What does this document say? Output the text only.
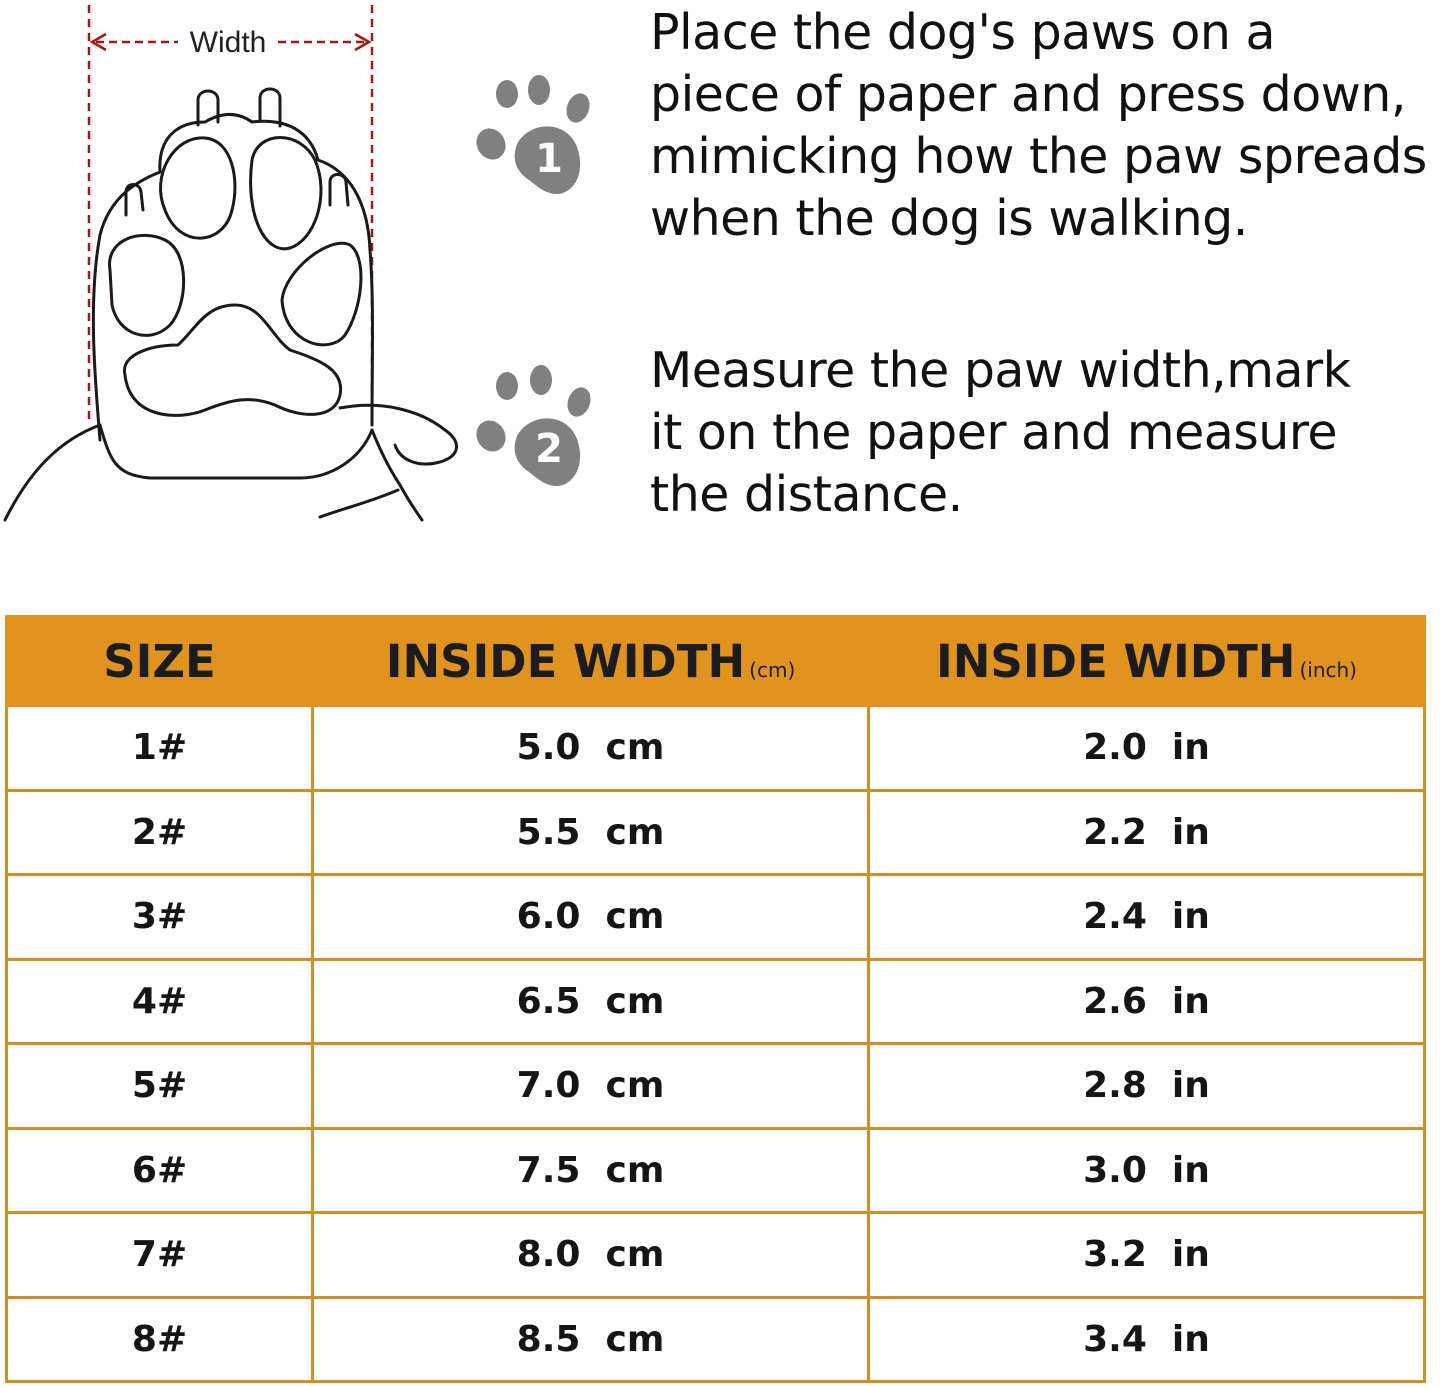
Width
1
Place the dog's paws on a
piece of paper and press down,
mimicking how the paw spreads
when the dog is walking.
2
Measure the paw width,mark
it on the paper and measure
the distance.
SIZE	INSIDE WIDTH (cm)	INSIDE WIDTH (inch)
1#	5.0  cm	2.0  in
2#	5.5  cm	2.2  in
3#	6.0  cm	2.4  in
4#	6.5  cm	2.6  in
5#	7.0  cm	2.8  in
6#	7.5  cm	3.0  in
7#	8.0  cm	3.2  in
8#	8.5  cm	3.4  in
